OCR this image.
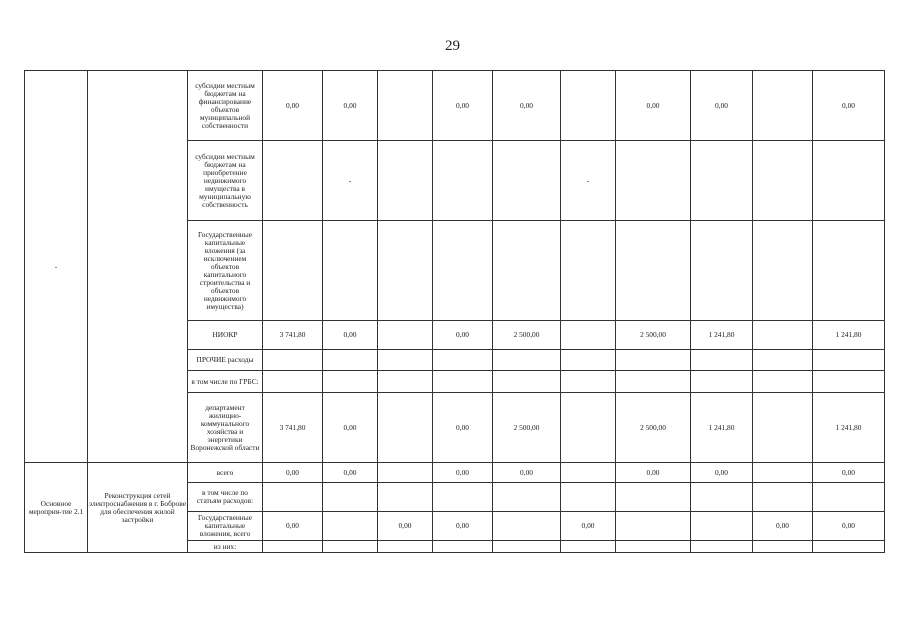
29
-		субсидии местным бюджетам на финансирование объектов муниципальной собственности	0,00	0,00		0,00	0,00		0,00	0,00		0,00
		субсидии местным бюджетам на приобретение недвижимого имущества в муниципальную собственность		-				-				
		Государственные капитальные вложения (за исключением объектов капитального строительства и объектов недвижимого имущества)										
		НИОКР	3 741,80	0,00		0,00	2 500,00		2 500,00	1 241,80		1 241,80
		ПРОЧИЕ расходы										
		в том числе по ГРБС:										
		департамент жилищно-коммунального хозяйства и энергетики Воронежской области	3 741,80	0,00		0,00	2 500,00		2 500,00	1 241,80		1 241,80
Основное мероприя-тие 2.1	Реконструкция сетей электроснабжения в г. Боброве для обеспечения жилой застройки	всего	0,00	0,00		0,00	0,00		0,00	0,00		0,00
		в том числе по статьям расходов:										
		Государственные капитальные вложения, всего	0,00		0,00	0,00		0,00			0,00	0,00
		из них:										
